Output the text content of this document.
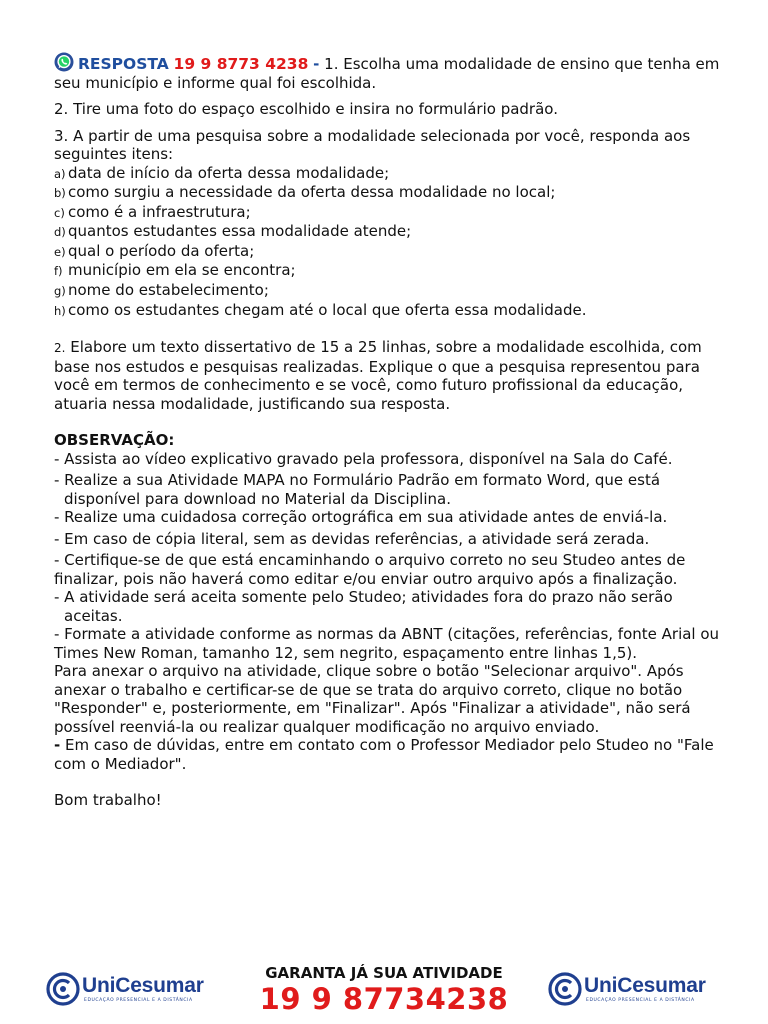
RESPOSTA 19 9 8773 4238 - 1. Escolha uma modalidade de ensino que tenha em seu município e informe qual foi escolhida.

2. Tire uma foto do espaço escolhido e insira no formulário padrão.

3. A partir de uma pesquisa sobre a modalidade selecionada por você, responda aos seguintes itens:

a) data de início da oferta dessa modalidade;
b) como surgiu a necessidade da oferta dessa modalidade no local;
c) como é a infraestrutura;
d) quantos estudantes essa modalidade atende;
e) qual o período da oferta;
f) município em ela se encontra;
g) nome do estabelecimento;
h) como os estudantes chegam até o local que oferta essa modalidade.

2. Elabore um texto dissertativo de 15 a 25 linhas, sobre a modalidade escolhida, com base nos estudos e pesquisas realizadas. Explique o que a pesquisa representou para você em termos de conhecimento e se você, como futuro profissional da educação, atuaria nessa modalidade, justificando sua resposta.

OBSERVAÇÃO:
- Assista ao vídeo explicativo gravado pela professora, disponível na Sala do Café.
- Realize a sua Atividade MAPA no Formulário Padrão em formato Word, que está disponível para download no Material da Disciplina.
- Realize uma cuidadosa correção ortográfica em sua atividade antes de enviá-la.
- Em caso de cópia literal, sem as devidas referências, a atividade será zerada.
- Certifique-se de que está encaminhando o arquivo correto no seu Studeo antes de finalizar, pois não haverá como editar e/ou enviar outro arquivo após a finalização.
- A atividade será aceita somente pelo Studeo; atividades fora do prazo não serão aceitas.
- Formate a atividade conforme as normas da ABNT (citações, referências, fonte Arial ou Times New Roman, tamanho 12, sem negrito, espaçamento entre linhas 1,5).
Para anexar o arquivo na atividade, clique sobre o botão "Selecionar arquivo". Após anexar o trabalho e certificar-se de que se trata do arquivo correto, clique no botão "Responder" e, posteriormente, em "Finalizar". Após "Finalizar a atividade", não será possível reenviá-la ou realizar qualquer modificação no arquivo enviado.
- Em caso de dúvidas, entre em contato com o Professor Mediador pelo Studeo no "Fale com o Mediador".

Bom trabalho!

UniCesumar
EDUCAÇÃO PRESENCIAL E A DISTÂNCIA
GARANTA JÁ SUA ATIVIDADE
19 9 87734238	UniCesumar
EDUCAÇÃO PRESENCIAL E A DISTÂNCIA
